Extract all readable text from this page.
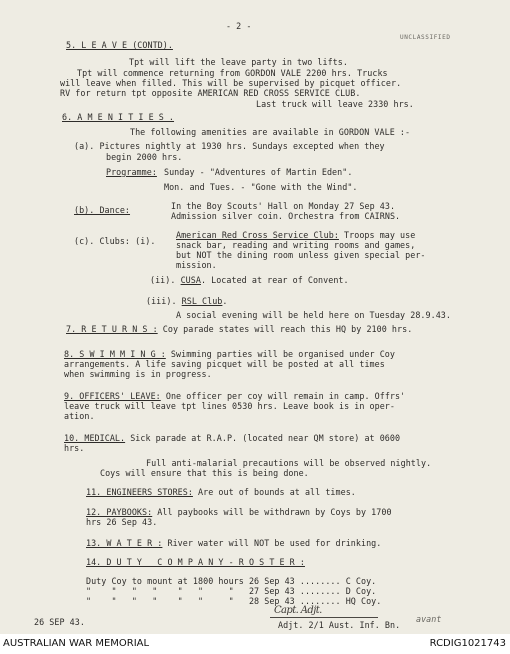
- 2 -
UNCLASSIFIED
5. L E A V E (CONTD).
Tpt will lift the leave party in two lifts.
Tpt will commence returning from GORDON VALE 2200 hrs. Trucks
will leave when filled. This will be supervised by picquet officer.
RV for return tpt opposite AMERICAN RED CROSS SERVICE CLUB.
Last truck will leave 2330 hrs.
6. A M E N I T I E S .
The following amenities are available in GORDON VALE :-
(a). Pictures nightly at 1930 hrs. Sundays excepted when they
begin 2000 hrs.
Programme: Sunday - "Adventures of Martin Eden".
Mon. and Tues. - "Gone with the Wind".
(b). Dance:	In the Boy Scouts' Hall on Monday 27 Sep 43.
Admission silver coin. Orchestra from CAIRNS.
(c). Clubs: (i).
American Red Cross Service Club: Troops may use
snack bar, reading and writing rooms and games,
but NOT the dining room unless given special per-
mission.
(ii). CUSA. Located at rear of Convent.
(iii). RSL Club.
A social evening will be held here on Tuesday 28.9.43.
7. R E T U R N S : Coy parade states will reach this HQ by 2100 hrs.
8. S W I M M I N G : Swimming parties will be organised under Coy
arrangements. A life saving picquet will be posted at all times
when swimming is in progress.
9. OFFICERS' LEAVE: One officer per coy will remain in camp. Offrs'
leave truck will leave tpt lines 0530 hrs. Leave book is in oper-
ation.
10. MEDICAL. Sick parade at R.A.P. (located near QM store) at 0600
hrs.
Full anti-malarial precautions will be observed nightly.
Coys will ensure that this is being done.
11. ENGINEERS STORES: Are out of bounds at all times.
12. PAYBOOKS: All paybooks will be withdrawn by Coys by 1700
hrs 26 Sep 43.
13. W A T E R : River water will NOT be used for drinking.
14. D U T Y   C O M P A N Y - R O S T E R :
Duty Coy to mount at 1800 hours 26 Sep 43 ........ C Coy.
"    "   "   "    "   "     "   27 Sep 43 ........ D Coy.
"    "   "   "    "   "     "   28 Sep 43 ........ HQ Coy.
26 SEP 43.
Capt. Adjt.
Adjt. 2/1 Aust. Inf. Bn.
avant
AUSTRALIAN WAR MEMORIAL	RCDIG1021743
